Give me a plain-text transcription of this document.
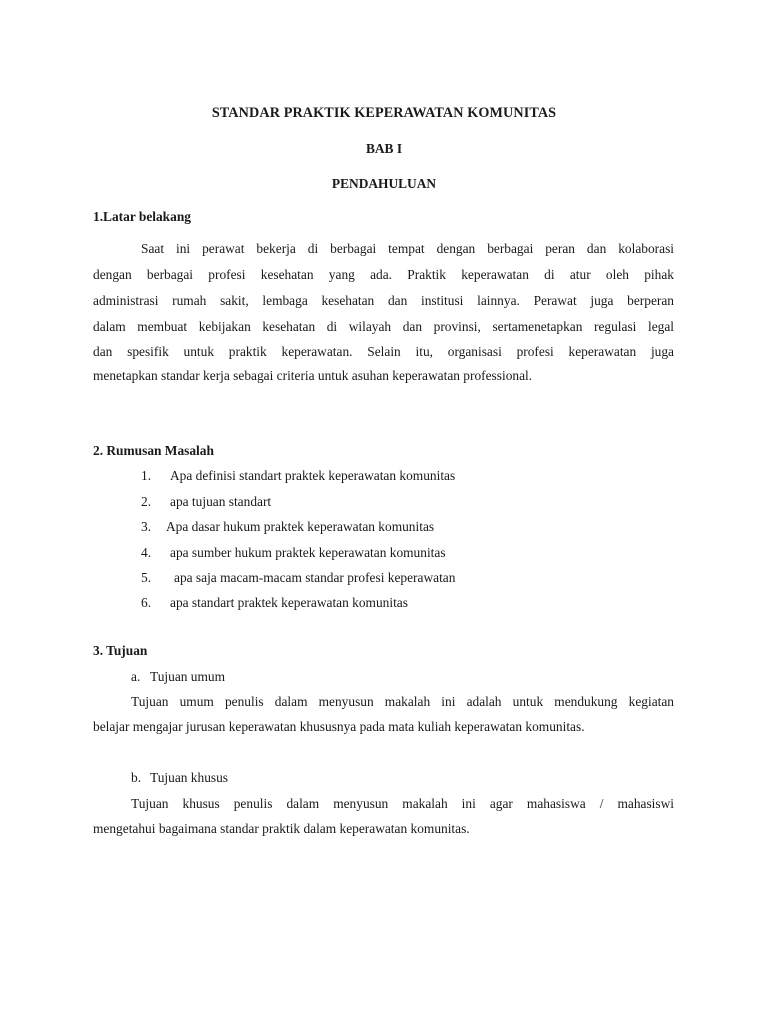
STANDAR PRAKTIK KEPERAWATAN KOMUNITAS
BAB I
PENDAHULUAN
1.Latar belakang
Saat ini perawat bekerja di berbagai tempat dengan berbagai peran dan kolaborasi
dengan berbagai profesi kesehatan yang ada. Praktik keperawatan di atur oleh pihak
administrasi rumah sakit, lembaga kesehatan dan institusi lainnya. Perawat juga berperan
dalam membuat kebijakan kesehatan di wilayah dan provinsi, sertamenetapkan regulasi legal
dan spesifik untuk praktik keperawatan. Selain itu, organisasi profesi keperawatan juga
menetapkan standar kerja sebagai criteria untuk asuhan keperawatan professional.
2. Rumusan Masalah
1. Apa definisi standart praktek keperawatan komunitas
2. apa tujuan standart
3. Apa dasar hukum praktek keperawatan komunitas
4. apa sumber hukum praktek keperawatan komunitas
5. apa saja macam-macam standar profesi keperawatan
6. apa standart praktek keperawatan komunitas
3. Tujuan
a. Tujuan umum
Tujuan umum penulis dalam menyusun makalah ini adalah untuk mendukung kegiatan
belajar mengajar jurusan keperawatan khususnya pada mata kuliah keperawatan komunitas.
b. Tujuan khusus
Tujuan khusus penulis dalam menyusun makalah ini agar mahasiswa / mahasiswi
mengetahui bagaimana standar praktik dalam keperawatan komunitas.
